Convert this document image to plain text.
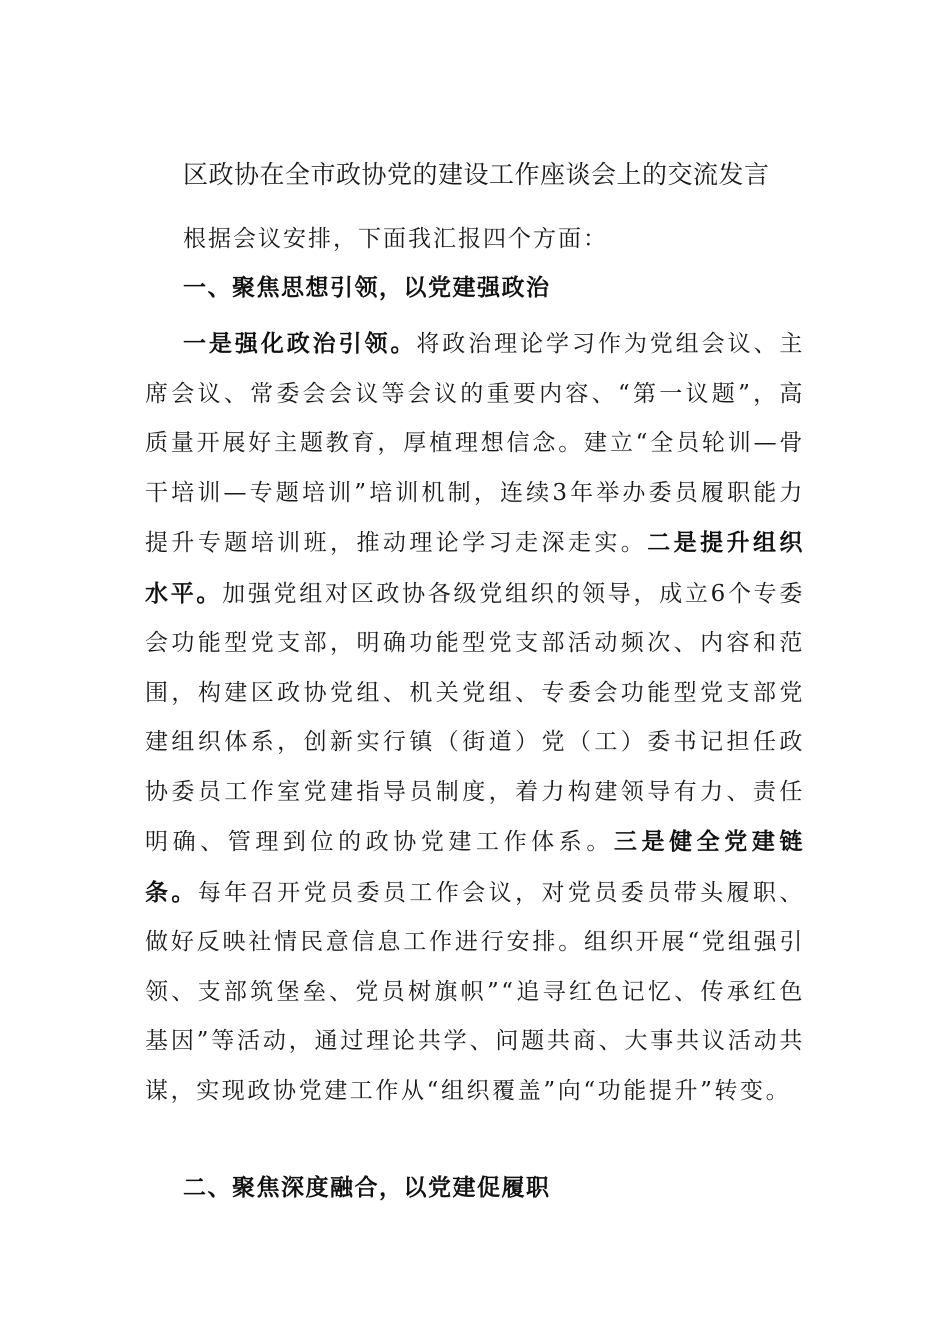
区政协在全市政协党的建设工作座谈会上的交流发言
根据会议安排，下面我汇报四个方面：
一、聚焦思想引领，以党建强政治

一是强化政治引领。将政治理论学习作为党组会议、主席会议、常委会会议等会议的重要内容、“第一议题”，高质量开展好主题教育，厚植理想信念。建立“全员轮训—骨干培训—专题培训”培训机制，连续3年举办委员履职能力提升专题培训班，推动理论学习走深走实。二是提升组织水平。加强党组对区政协各级党组织的领导，成立6个专委会功能型党支部，明确功能型党支部活动频次、内容和范围，构建区政协党组、机关党组、专委会功能型党支部党建组织体系，创新实行镇（街道）党（工）委书记担任政协委员工作室党建指导员制度，着力构建领导有力、责任明确、管理到位的政协党建工作体系。三是健全党建链条。每年召开党员委员工作会议，对党员委员带头履职、做好反映社情民意信息工作进行安排。组织开展“党组强引领、支部筑堡垒、党员树旗帜”“追寻红色记忆、传承红色基因”等活动，通过理论共学、问题共商、大事共议活动共谋，实现政协党建工作从“组织覆盖”向“功能提升”转变。

二、聚焦深度融合，以党建促履职
